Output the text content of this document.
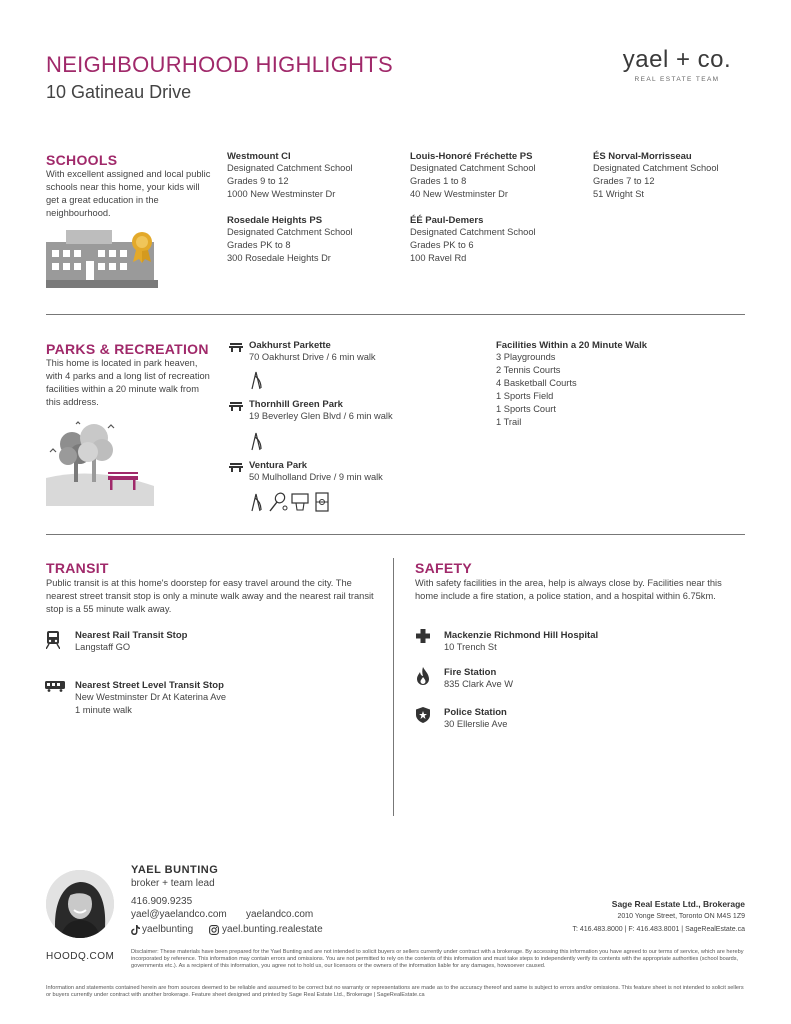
NEIGHBOURHOOD HIGHLIGHTS
10 Gatineau Drive
yael + co.
REAL ESTATE TEAM
SCHOOLS
With excellent assigned and local public schools near this home, your kids will get a great education in the neighbourhood.
Westmount CI
Designated Catchment School
Grades 9 to 12
1000 New Westminster Dr
Louis-Honoré Fréchette PS
Designated Catchment School
Grades 1 to 8
40 New Westminster Dr
ÉS Norval-Morrisseau
Designated Catchment School
Grades 7 to 12
51 Wright St
Rosedale Heights PS
Designated Catchment School
Grades PK to 8
300 Rosedale Heights Dr
ÉÉ Paul-Demers
Designated Catchment School
Grades PK to 6
100 Ravel Rd
PARKS & RECREATION
This home is located in park heaven, with 4 parks and a long list of recreation facilities within a 20 minute walk from this address.
Oakhurst Parkette
70 Oakhurst Drive / 6 min walk
Thornhill Green Park
19 Beverley Glen Blvd / 6 min walk
Ventura Park
50 Mulholland Drive / 9 min walk
Facilities Within a 20 Minute Walk
3 Playgrounds
2 Tennis Courts
4 Basketball Courts
1 Sports Field
1 Sports Court
1 Trail
TRANSIT
Public transit is at this home's doorstep for easy travel around the city. The nearest street transit stop is only a minute walk away and the nearest rail transit stop is a 55 minute walk away.
Nearest Rail Transit Stop
Langstaff GO
Nearest Street Level Transit Stop
New Westminster Dr At Katerina Ave
1 minute walk
SAFETY
With safety facilities in the area, help is always close by. Facilities near this home include a fire station, a police station, and a hospital within 6.75km.
Mackenzie Richmond Hill Hospital
10 Trench St
Fire Station
835 Clark Ave W
Police Station
30 Ellerslie Ave
YAEL BUNTING
broker + team lead
416.909.9235
yael@yaelandco.com yaelandco.com
yaelbunting	yael.bunting.realestate
Sage Real Estate Ltd., Brokerage
2010 Yonge Street, Toronto ON M4S 1Z9
T: 416.483.8000 | F: 416.483.8001 | SageRealEstate.ca
HOODQ.COM	Disclaimer: These materials have been prepared for the Yael Bunting and are not intended to solicit buyers or sellers currently under contract with a brokerage. By accessing this information you have agreed to our terms of service, which are hereby incorporated by reference. This information may contain errors and omissions. You are not permitted to rely on the contents of this information and must take steps to independently verify its contents with the appropriate authorities (school boards, governments etc.). As a recipient of this information, you agree not to hold us, our licensors or the owners of the information liable for any damages, howsoever caused.
Information and statements contained herein are from sources deemed to be reliable and assumed to be correct but no warranty or representations are made as to the accuracy thereof and same is subject to errors and/or omissions. This feature sheet is not intended to solicit sellers or buyers currently under contract with another brokerage. Feature sheet designed and printed by Sage Real Estate Ltd., Brokerage | SageRealEstate.ca
